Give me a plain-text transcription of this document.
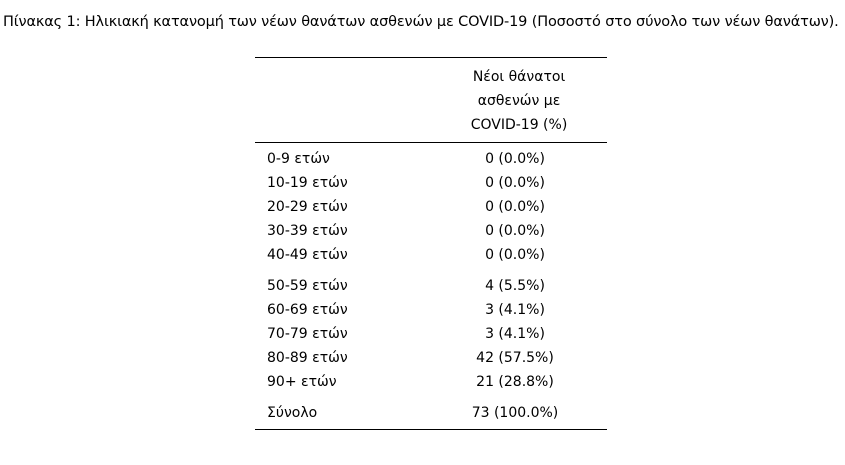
Πίνακας 1: Ηλικιακή κατανομή των νέων θανάτων ασθενών με COVID-19 (Ποσοστό στο σύνολο των νέων θανάτων).
Νέοι θάνατοι
ασθενών με
COVID-19 (%)
0-9 ετών	0 (0.0%)
10-19 ετών	0 (0.0%)
20-29 ετών	0 (0.0%)
30-39 ετών	0 (0.0%)
40-49 ετών	0 (0.0%)
50-59 ετών	4 (5.5%)
60-69 ετών	3 (4.1%)
70-79 ετών	3 (4.1%)
80-89 ετών	42 (57.5%)
90+ ετών	21 (28.8%)
Σύνολο	73 (100.0%)
